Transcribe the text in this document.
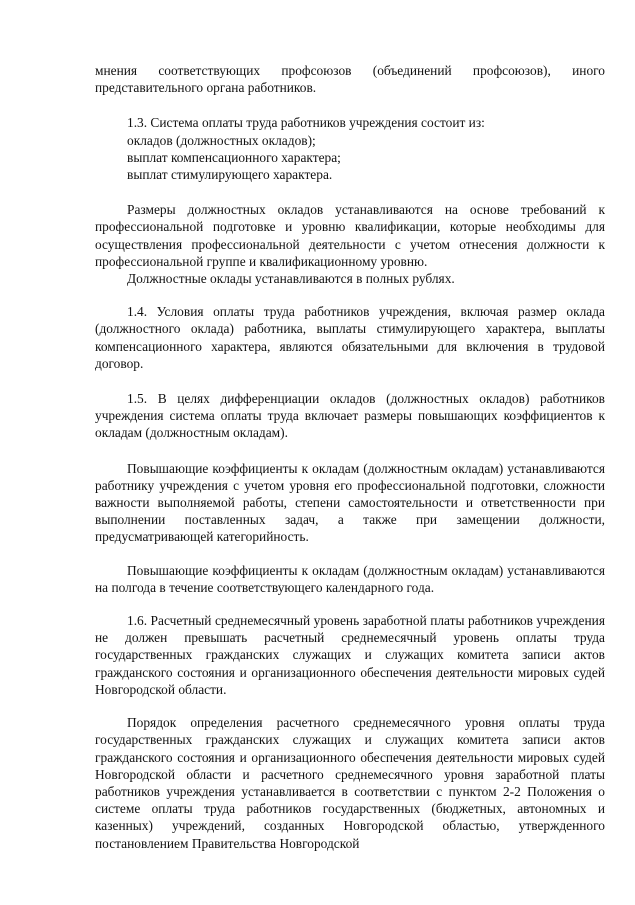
мнения соответствующих профсоюзов (объединений профсоюзов), иного представительного органа работников.

1.3. Система оплаты труда работников учреждения состоит из:

окладов (должностных окладов);

выплат компенсационного характера;

выплат стимулирующего характера.

Размеры должностных окладов устанавливаются на основе требований к профессиональной подготовке и уровню квалификации, которые необходимы для осуществления профессиональной деятельности с учетом отнесения должности к профессиональной группе и квалификационному уровню.

Должностные оклады устанавливаются в полных рублях.

1.4. Условия оплаты труда работников учреждения, включая размер оклада (должностного оклада) работника, выплаты стимулирующего характера, выплаты компенсационного характера, являются обязательными для включения в трудовой договор.

1.5. В целях дифференциации окладов (должностных окладов) работников учреждения система оплаты труда включает размеры повышающих коэффициентов к окладам (должностным окладам).

Повышающие коэффициенты к окладам (должностным окладам) устанавливаются работнику учреждения с учетом уровня его профессиональной подготовки, сложности важности выполняемой работы, степени самостоятельности и ответственности при выполнении поставленных задач, а также при замещении должности, предусматривающей категорийность.

Повышающие коэффициенты к окладам (должностным окладам) устанавливаются на полгода в течение соответствующего календарного года.

1.6. Расчетный среднемесячный уровень заработной платы работников учреждения не должен превышать расчетный среднемесячный уровень оплаты труда государственных гражданских служащих и служащих комитета записи актов гражданского состояния и организационного обеспечения деятельности мировых судей Новгородской области.

Порядок определения расчетного среднемесячного уровня оплаты труда государственных гражданских служащих и служащих комитета записи актов гражданского состояния и организационного обеспечения деятельности мировых судей Новгородской области и расчетного среднемесячного уровня заработной платы работников учреждения устанавливается в соответствии с пунктом 2-2 Положения о системе оплаты труда работников государственных (бюджетных, автономных и казенных) учреждений, созданных Новгородской областью, утвержденного постановлением Правительства Новгородской
